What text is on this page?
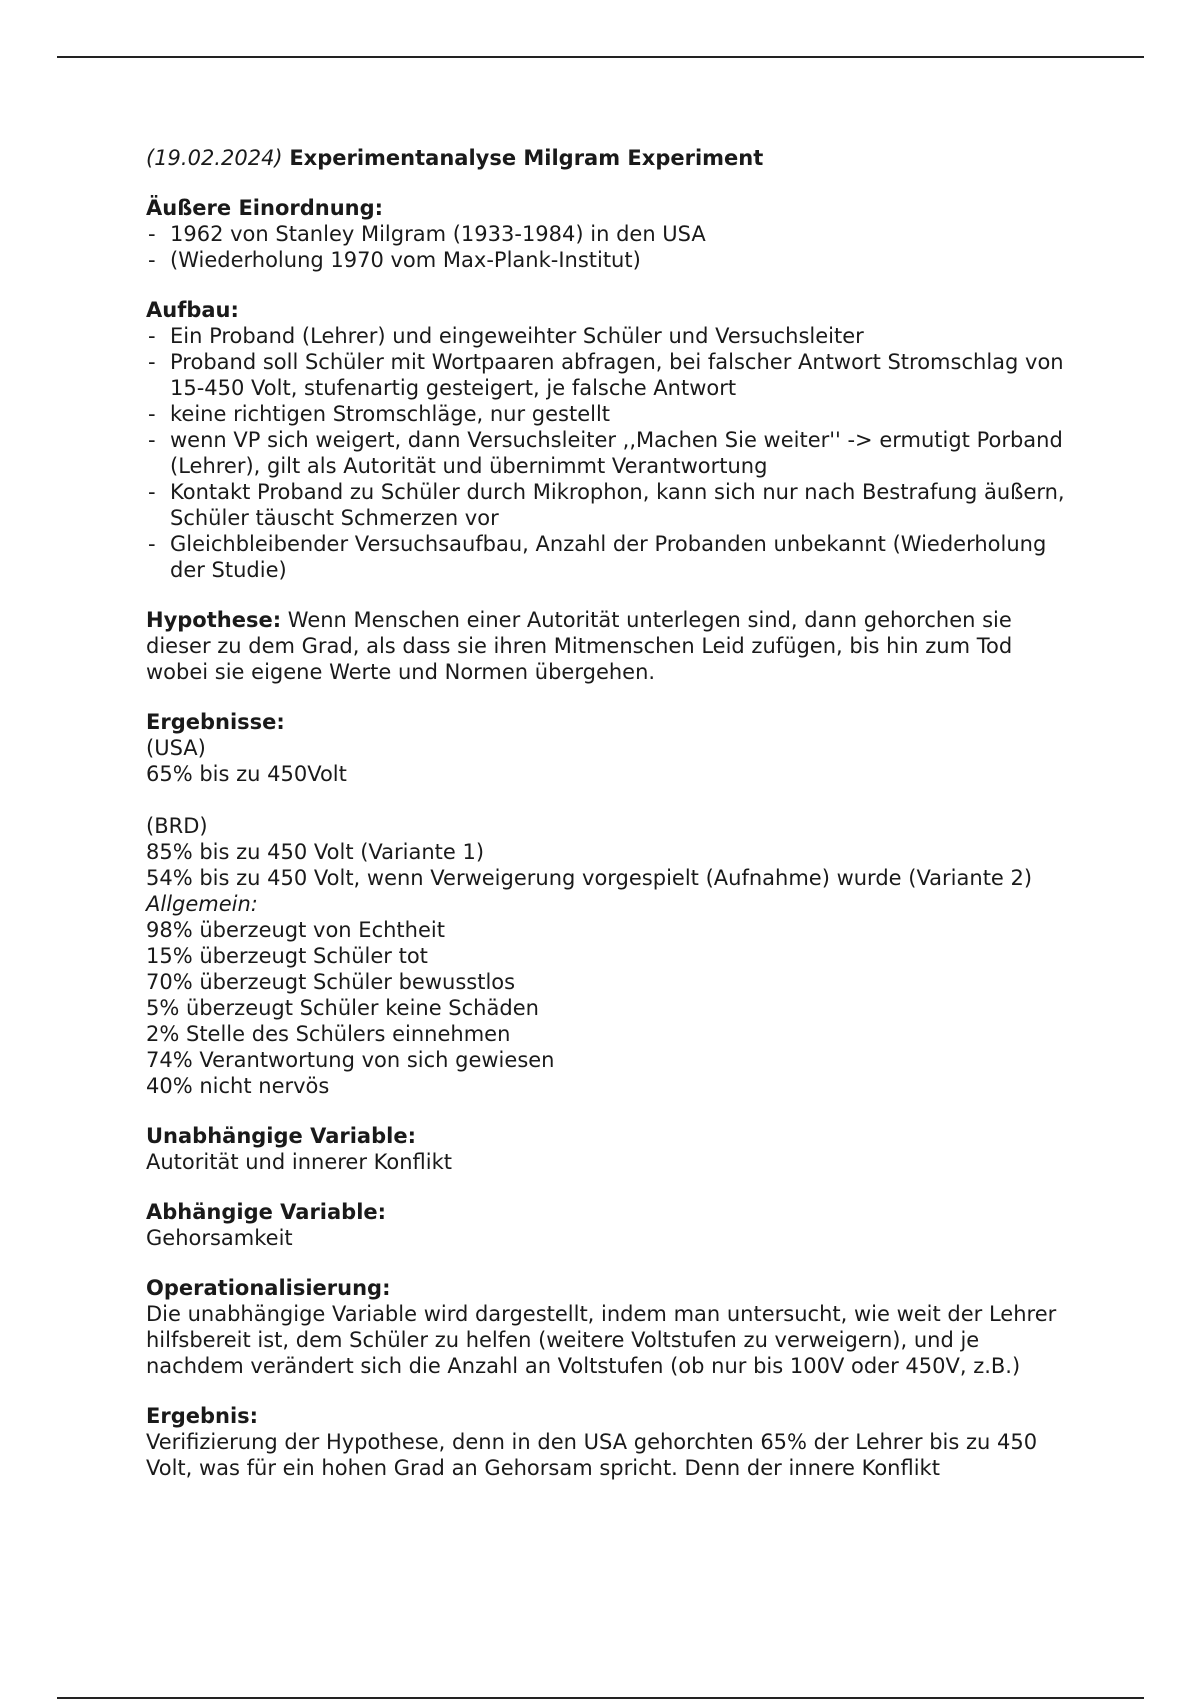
(19.02.2024) Experimentanalyse Milgram Experiment
Äußere Einordnung:
- 1962 von Stanley Milgram (1933-1984) in den USA
- (Wiederholung 1970 vom Max-Plank-Institut)
Aufbau:
- Ein Proband (Lehrer) und eingeweihter Schüler und Versuchsleiter
- Proband soll Schüler mit Wortpaaren abfragen, bei falscher Antwort Stromschlag von 15-450 Volt, stufenartig gesteigert, je falsche Antwort
- keine richtigen Stromschläge, nur gestellt
- wenn VP sich weigert, dann Versuchsleiter ,,Machen Sie weiter'' -> ermutigt Porband (Lehrer), gilt als Autorität und übernimmt Verantwortung
- Kontakt Proband zu Schüler durch Mikrophon, kann sich nur nach Bestrafung äußern, Schüler täuscht Schmerzen vor
- Gleichbleibender Versuchsaufbau, Anzahl der Probanden unbekannt (Wiederholung der Studie)
Hypothese: Wenn Menschen einer Autorität unterlegen sind, dann gehorchen sie dieser zu dem Grad, als dass sie ihren Mitmenschen Leid zufügen, bis hin zum Tod wobei sie eigene Werte und Normen übergehen.
Ergebnisse:
(USA)
65% bis zu 450Volt
(BRD)
85% bis zu 450 Volt (Variante 1)
54% bis zu 450 Volt, wenn Verweigerung vorgespielt (Aufnahme) wurde (Variante 2)
Allgemein:
98% überzeugt von Echtheit
15% überzeugt Schüler tot
70% überzeugt Schüler bewusstlos
5% überzeugt Schüler keine Schäden
2% Stelle des Schülers einnehmen
74% Verantwortung von sich gewiesen
40% nicht nervös
Unabhängige Variable:
Autorität und innerer Konflikt
Abhängige Variable:
Gehorsamkeit
Operationalisierung:
Die unabhängige Variable wird dargestellt, indem man untersucht, wie weit der Lehrer hilfsbereit ist, dem Schüler zu helfen (weitere Voltstufen zu verweigern), und je nachdem verändert sich die Anzahl an Voltstufen (ob nur bis 100V oder 450V, z.B.)
Ergebnis:
Verifizierung der Hypothese, denn in den USA gehorchten 65% der Lehrer bis zu 450 Volt, was für ein hohen Grad an Gehorsam spricht. Denn der innere Konflikt
